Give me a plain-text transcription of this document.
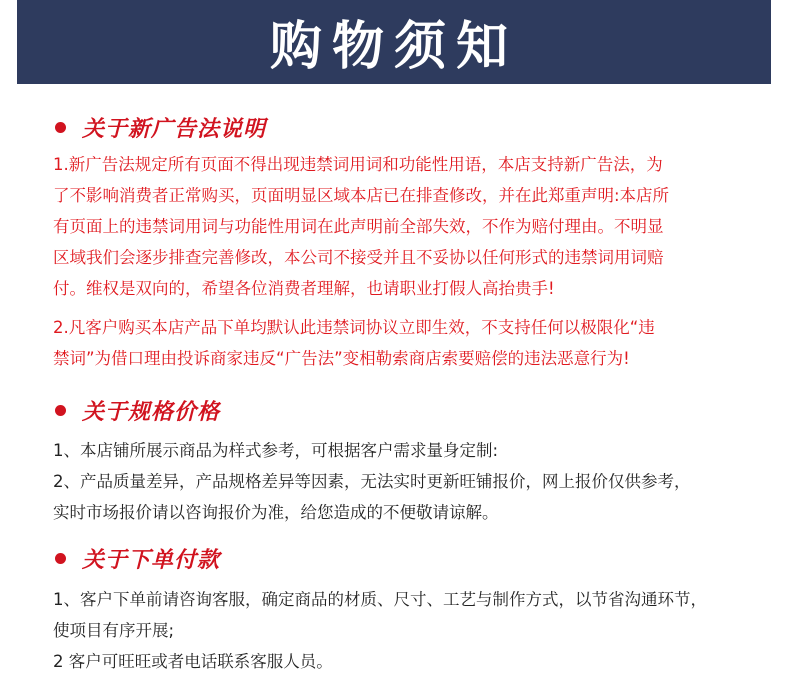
购物须知
关于新广告法说明

1.新广告法规定所有页面不得出现违禁词用词和功能性用语，本店支持新广告法，为
了不影响消费者正常购买，页面明显区域本店已在排查修改，并在此郑重声明:本店所
有页面上的违禁词用词与功能性用词在此声明前全部失效，不作为赔付理由。不明显
区域我们会逐步排查完善修改，本公司不接受并且不妥协以任何形式的违禁词用词赔
付。维权是双向的，希望各位消费者理解，也请职业打假人高抬贵手!

2.凡客户购买本店产品下单均默认此违禁词协议立即生效，不支持任何以极限化“违
禁词”为借口理由投诉商家违反“广告法”变相勒索商店索要赔偿的违法恶意行为!

关于规格价格

1、本店铺所展示商品为样式参考，可根据客户需求量身定制:
2、产品质量差异，产品规格差异等因素，无法实时更新旺铺报价，网上报价仅供参考，
实时市场报价请以咨询报价为准，给您造成的不便敬请谅解。

关于下单付款

1、客户下单前请咨询客服，确定商品的材质、尺寸、工艺与制作方式，以节省沟通环节，
使项目有序开展;
2 客户可旺旺或者电话联系客服人员。
